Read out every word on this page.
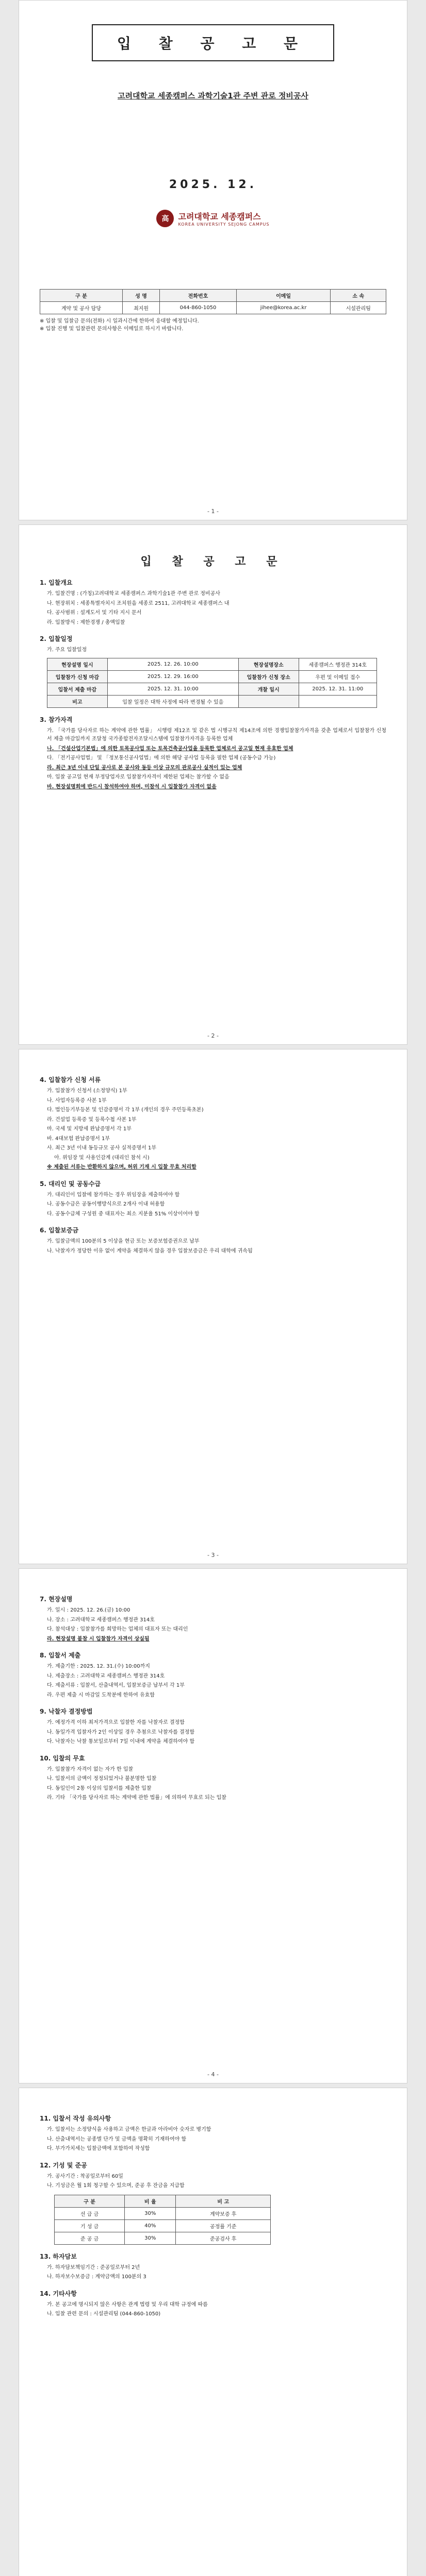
입 찰 공 고 문
고려대학교 세종캠퍼스 과학기술1관 주변 관로 정비공사
2025. 12.
高	고려대학교 세종캠퍼스
KOREA UNIVERSITY SEJONG CAMPUS
구 분	성 명	전화번호	이메일	소 속
계약 및 공사 담당	최지원	044-860-1050	jihee@korea.ac.kr	시설관리팀
※ 입찰 및 입찰금 문의(전화) 시 일과시간에 한하여 응대할 예정입니다.
※ 입찰 진행 및 입찰관련 문의사항은 이메일로 하시기 바랍니다.
- 1 -
입 찰 공 고 문
1. 입찰개요
가. 입찰건명 : (가칭)고려대학교 세종캠퍼스 과학기술1관 주변 관로 정비공사
나. 현장위치 : 세종특별자치시 조치원읍 세종로 2511, 고려대학교 세종캠퍼스 내
다. 공사범위 : 설계도서 및 기타 지시 문서
라. 입찰방식 : 제한경쟁 / 총액입찰
2. 입찰일정
가. 주요 입찰일정
현장설명 일시	2025. 12. 26. 10:00	현장설명장소	세종캠퍼스 행정관 314호
입찰참가 신청 마감	2025. 12. 29. 16:00	입찰참가 신청 장소	우편 및 이메일 접수
입찰서 제출 마감	2025. 12. 31. 10:00	개찰 일시	2025. 12. 31. 11:00
비고	입찰 일정은 대학 사정에 따라 변경될 수 있음		
3. 참가자격
가. 「국가를 당사자로 하는 계약에 관한 법률」 시행령 제12조 및 같은 법 시행규칙 제14조에 의한 경쟁입찰참가자격을 갖춘 업체로서 입찰참가 신청서 제출 마감일까지 조달청 국가종합전자조달시스템에 입찰참가자격을 등록한 업체
나. 「건설산업기본법」에 의한 토목공사업 또는 토목건축공사업을 등록한 업체로서 공고일 현재 유효한 업체
다. 「전기공사업법」 및 「정보통신공사업법」에 의한 해당 공사업 등록을 필한 업체 (공동수급 가능)
라. 최근 3년 이내 단일 공사로 본 공사와 동등 이상 규모의 관로공사 실적이 있는 업체
마. 입찰 공고일 현재 부정당업자로 입찰참가자격이 제한된 업체는 참가할 수 없음
바. 현장설명회에 반드시 참석하여야 하며, 미참석 시 입찰참가 자격이 없음
- 2 -
4. 입찰참가 신청 서류
가. 입찰참가 신청서 (소정양식) 1부
나. 사업자등록증 사본 1부
다. 법인등기부등본 및 인감증명서 각 1부 (개인의 경우 주민등록초본)
라. 건설업 등록증 및 등록수첩 사본 1부
마. 국세 및 지방세 완납증명서 각 1부
바. 4대보험 완납증명서 1부
사. 최근 3년 이내 동등규모 공사 실적증명서 1부
아. 위임장 및 사용인감계 (대리인 참석 시)
※ 제출된 서류는 반환하지 않으며, 허위 기재 시 입찰 무효 처리함
5. 대리인 및 공동수급
가. 대리인이 입찰에 참가하는 경우 위임장을 제출하여야 함
나. 공동수급은 공동이행방식으로 2개사 이내 허용함
다. 공동수급체 구성원 중 대표자는 최소 지분율 51% 이상이어야 함
6. 입찰보증금
가. 입찰금액의 100분의 5 이상을 현금 또는 보증보험증권으로 납부
나. 낙찰자가 정당한 이유 없이 계약을 체결하지 않을 경우 입찰보증금은 우리 대학에 귀속됨
- 3 -
7. 현장설명
가. 일시 : 2025. 12. 26.(금) 10:00
나. 장소 : 고려대학교 세종캠퍼스 행정관 314호
다. 참석대상 : 입찰참가를 희망하는 업체의 대표자 또는 대리인
라. 현장설명 불참 시 입찰참가 자격이 상실됨
8. 입찰서 제출
가. 제출기한 : 2025. 12. 31.(수) 10:00까지
나. 제출장소 : 고려대학교 세종캠퍼스 행정관 314호
다. 제출서류 : 입찰서, 산출내역서, 입찰보증금 납부서 각 1부
라. 우편 제출 시 마감일 도착분에 한하여 유효함
9. 낙찰자 결정방법
가. 예정가격 이하 최저가격으로 입찰한 자를 낙찰자로 결정함
나. 동일가격 입찰자가 2인 이상일 경우 추첨으로 낙찰자를 결정함
다. 낙찰자는 낙찰 통보일로부터 7일 이내에 계약을 체결하여야 함
10. 입찰의 무효
가. 입찰참가 자격이 없는 자가 한 입찰
나. 입찰서의 금액이 정정되었거나 불분명한 입찰
다. 동일인이 2통 이상의 입찰서를 제출한 입찰
라. 기타 「국가를 당사자로 하는 계약에 관한 법률」에 의하여 무효로 되는 입찰
- 4 -
11. 입찰서 작성 유의사항
가. 입찰서는 소정양식을 사용하고 금액은 한글과 아라비아 숫자로 병기함
나. 산출내역서는 공종별 단가 및 금액을 명확히 기재하여야 함
다. 부가가치세는 입찰금액에 포함하여 작성함
12. 기성 및 준공
가. 공사기간 : 착공일로부터 60일
나. 기성금은 월 1회 청구할 수 있으며, 준공 후 잔금을 지급함
구 분	비 율	비 고
선 급 금	30%	계약보증 후
기 성 금	40%	공정률 기준
준 공 금	30%	준공검사 후
13. 하자담보
가. 하자담보책임기간 : 준공일로부터 2년
나. 하자보수보증금 : 계약금액의 100분의 3
14. 기타사항
가. 본 공고에 명시되지 않은 사항은 관계 법령 및 우리 대학 규정에 따름
나. 입찰 관련 문의 : 시설관리팀 (044-860-1050)
